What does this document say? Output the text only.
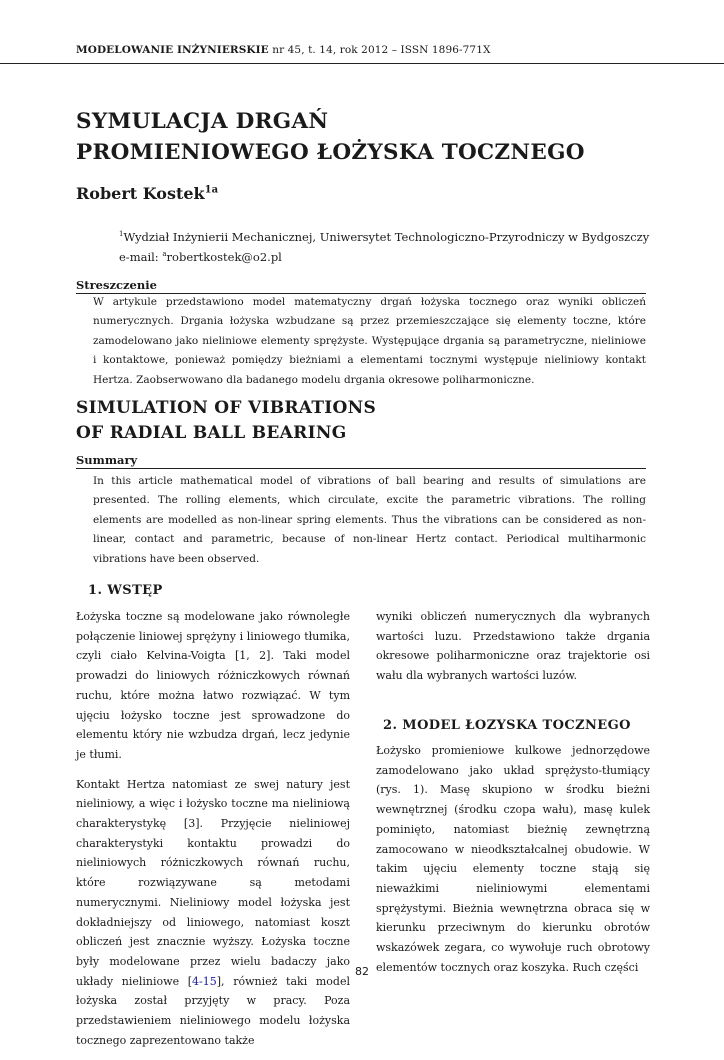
MODELOWANIE INŻYNIERSKIE nr 45, t. 14, rok 2012 – ISSN 1896-771X
SYMULACJA DRGAŃ
PROMIENIOWEGO ŁOŻYSKA TOCZNEGO
Robert Kostek$^{1a}$
$^1$Wydział Inżynierii Mechanicznej, Uniwersytet Technologiczno-Przyrodniczy w Bydgoszczy
e-mail: $^a$robertkostek@o2.pl
Streszczenie
W artykule przedstawiono model matematyczny drgań łożyska tocznego oraz wyniki obliczeń numerycznych. Drgania łożyska wzbudzane są przez przemieszczające się elementy toczne, które zamodelowano jako nieliniowe elementy sprężyste. Występujące drgania są parametryczne, nieliniowe i kontaktowe, ponieważ pomiędzy bieżniami a elementami tocznymi występuje nieliniowy kontakt Hertza. Zaobserwowano dla badanego modelu drgania okresowe poliharmoniczne.
SIMULATION OF VIBRATIONS
OF RADIAL BALL BEARING
Summary
In this article mathematical model of vibrations of ball bearing and results of simulations are presented. The rolling elements, which circulate, excite the parametric vibrations. The rolling elements are modelled as non-linear spring elements. Thus the vibrations can be considered as non-linear, contact and parametric, because of non-linear Hertz contact. Periodical multiharmonic vibrations have been observed.
1. WSTĘP

Łożyska toczne są modelowane jako równoległe połączenie liniowej sprężyny i liniowego tłumika, czyli ciało Kelvina-Voigta [1, 2]. Taki model prowadzi do liniowych różniczkowych równań ruchu, które można łatwo rozwiązać. W tym ujęciu łożysko toczne jest sprowadzone do elementu który nie wzbudza drgań, lecz jedynie je tłumi.

Kontakt Hertza natomiast ze swej natury jest nieliniowy, a więc i łożysko toczne ma nieliniową charakterystykę [3]. Przyjęcie nieliniowej charakterystyki kontaktu prowadzi do nieliniowych różniczkowych równań ruchu, które rozwiązywane są metodami numerycznymi. Nieliniowy model łożyska jest dokładniejszy od liniowego, natomiast koszt obliczeń jest znacznie wyższy. Łożyska toczne były modelowane przez wielu badaczy jako układy nieliniowe [4-15], również taki model łożyska został przyjęty w pracy. Poza przedstawieniem nieliniowego modelu łożyska tocznego zaprezentowano także

wyniki obliczeń numerycznych dla wybranych wartości luzu. Przedstawiono także drgania okresowe poliharmoniczne oraz trajektorie osi wału dla wybranych wartości luzów.

2. MODEL ŁOZYSKA TOCZNEGO

Łożysko promieniowe kulkowe jednorzędowe zamodelowano jako układ sprężysto-tłumiący (rys. 1). Masę skupiono w środku bieżni wewnętrznej (środku czopa wału), masę kulek pominięto, natomiast bieżnię zewnętrzną zamocowano w nieodkształcalnej obudowie. W takim ujęciu elementy toczne stają się nieważkimi nieliniowymi elementami sprężystymi. Bieżnia wewnętrzna obraca się w kierunku przeciwnym do kierunku obrotów wskazówek zegara, co wywołuje ruch obrotowy elementów tocznych oraz koszyka. Ruch części

82
